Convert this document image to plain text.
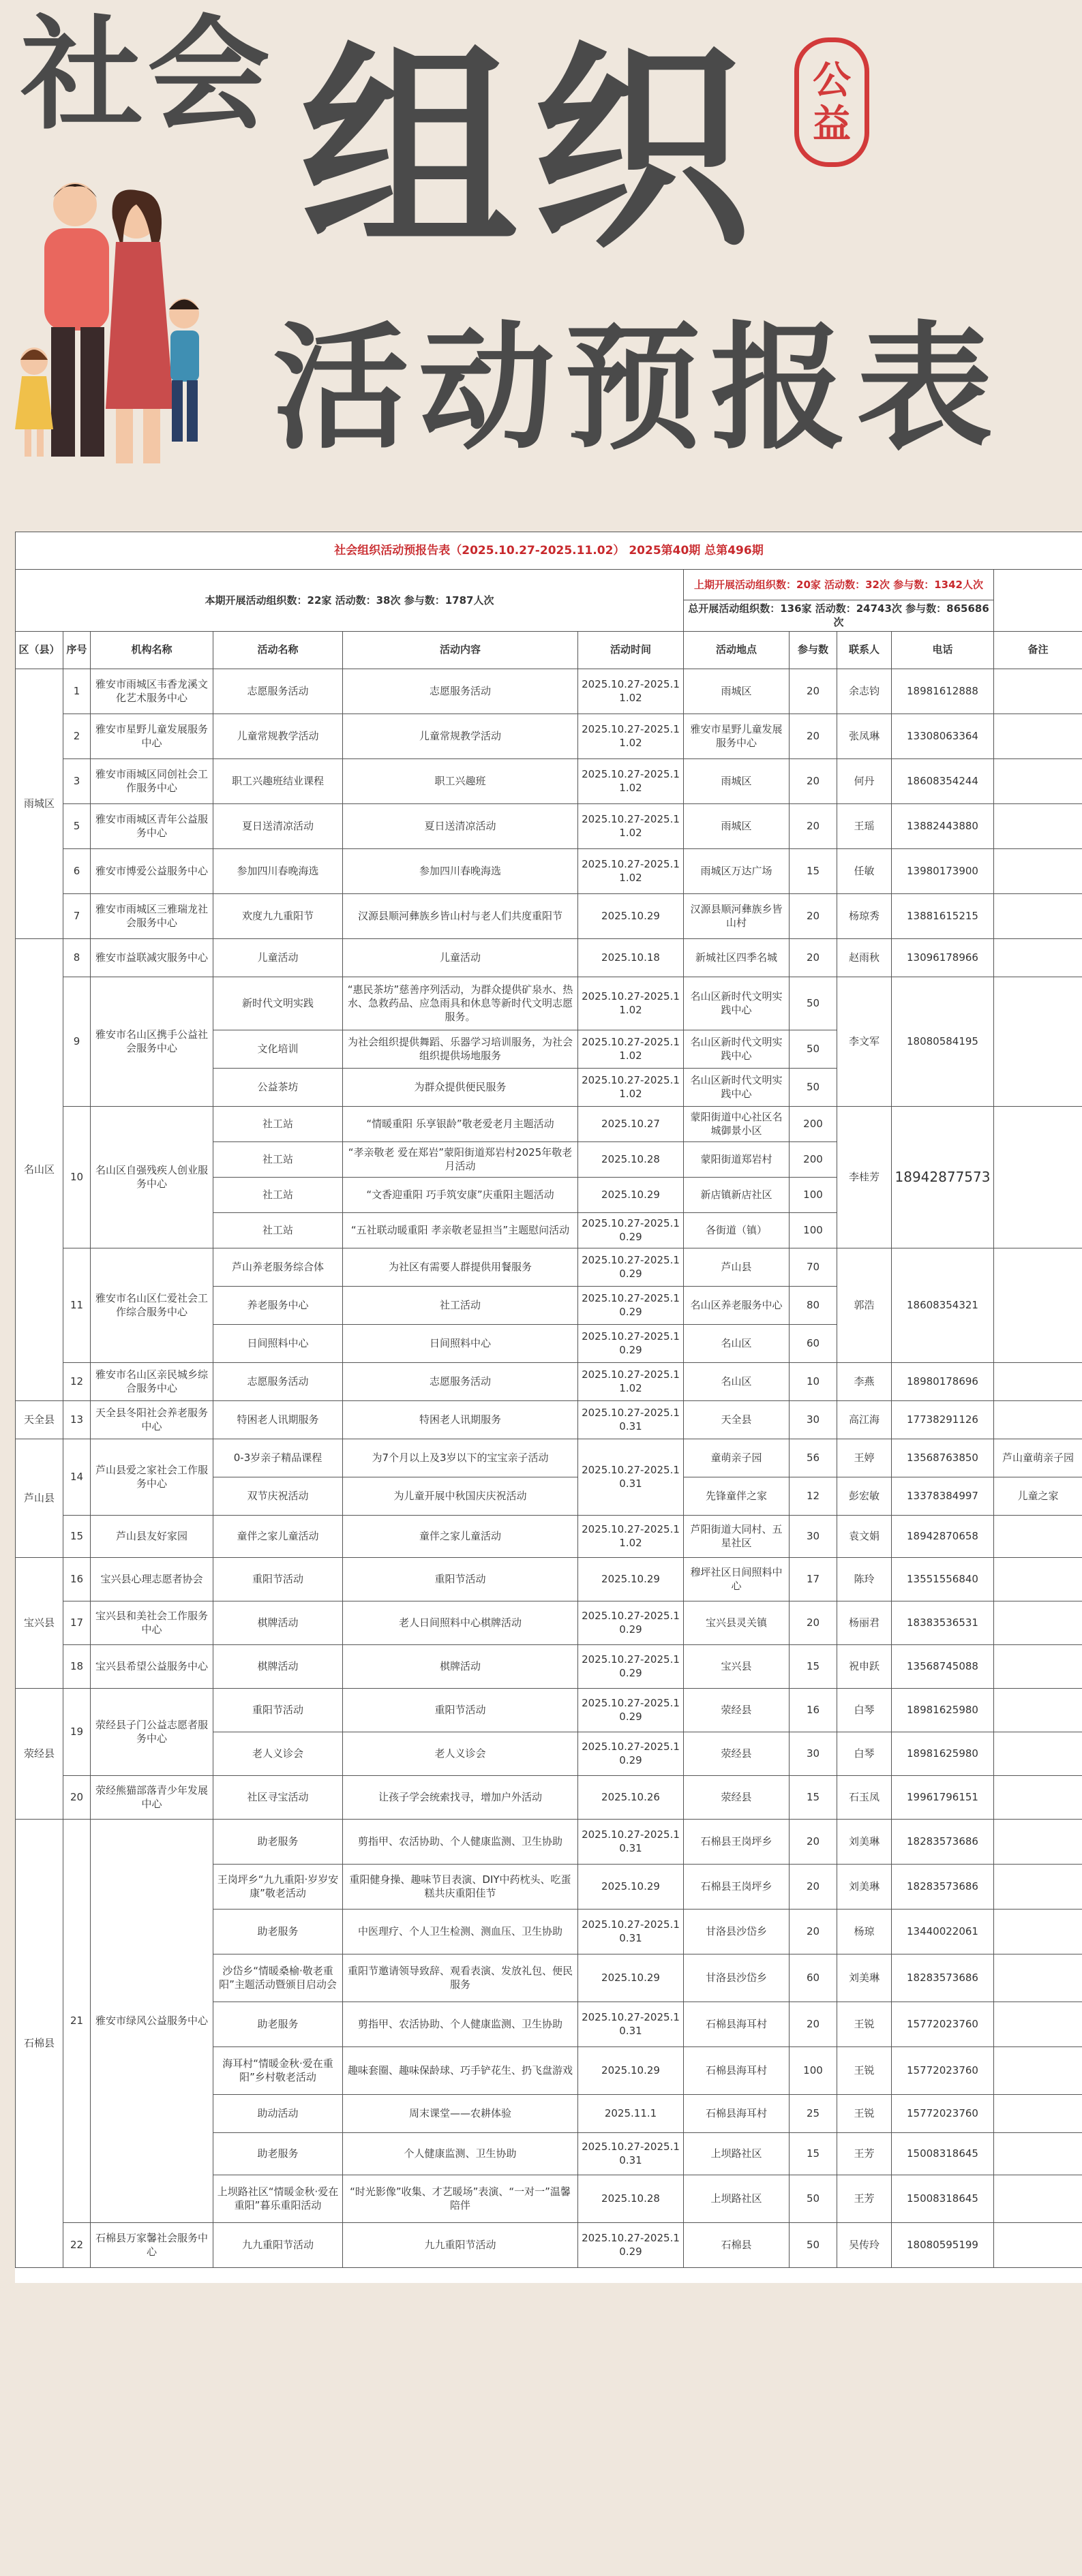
社会 组织
活动预报表
公
益
社会组织活动预报告表（2025.10.27-2025.11.02） 2025第40期 总第496期										
本期开展活动组织数：22家 活动数：38次 参与数：1787人次						上期开展活动组织数：20家 活动数：32次 参与数：1342人次				
						总开展活动组织数：136家 活动数：24743次 参与数：865686次				
区（县）	序号	机构名称	活动名称	活动内容	活动时间	活动地点	参与数	联系人	电话	备注
雨城区	1	雅安市雨城区韦香龙溪文化艺术服务中心	志愿服务活动	志愿服务活动	2025.10.27-2025.11.02	雨城区	20	余志钧	18981612888	
	2	雅安市星野儿童发展服务中心	儿童常规教学活动	儿童常规教学活动	2025.10.27-2025.11.02	雅安市星野儿童发展服务中心	20	张凤琳	13308063364	
	3	雅安市雨城区同创社会工作服务中心	职工兴趣班结业课程	职工兴趣班	2025.10.27-2025.11.02	雨城区	20	何丹	18608354244	
	5	雅安市雨城区青年公益服务中心	夏日送清凉活动	夏日送清凉活动	2025.10.27-2025.11.02	雨城区	20	王瑶	13882443880	
	6	雅安市博爱公益服务中心	参加四川春晚海选	参加四川春晚海选	2025.10.27-2025.11.02	雨城区万达广场	15	任敏	13980173900	
	7	雅安市雨城区三雅瑞龙社会服务中心	欢度九九重阳节	汉源县顺河彝族乡皆山村与老人们共度重阳节	2025.10.29	汉源县顺河彝族乡皆山村	20	杨琼秀	13881615215	
名山区	8	雅安市益联减灾服务中心	儿童活动	儿童活动	2025.10.18	新城社区四季名城	20	赵雨秋	13096178966	
	9	雅安市名山区携手公益社会服务中心	新时代文明实践	“惠民茶坊”慈善序列活动，为群众提供矿泉水、热水、急救药品、应急雨具和休息等新时代文明志愿服务。	2025.10.27-2025.11.02	名山区新时代文明实践中心	50	李文军	18080584195	
			文化培训	为社会组织提供舞蹈、乐器学习培训服务，为社会组织提供场地服务	2025.10.27-2025.11.02	名山区新时代文明实践中心	50			
			公益茶坊	为群众提供便民服务	2025.10.27-2025.11.02	名山区新时代文明实践中心	50			
	10	名山区自强残疾人创业服务中心	社工站	“情暖重阳 乐享银龄”敬老爱老月主题活动	2025.10.27	蒙阳街道中心社区名城御景小区	200	李桂芳	18942877573	
			社工站	“孝亲敬老 爱在郑岩”蒙阳街道郑岩村2025年敬老月活动	2025.10.28	蒙阳街道郑岩村	200			
			社工站	“文香迎重阳 巧手筑安康”庆重阳主题活动	2025.10.29	新店镇新店社区	100			
			社工站	“五社联动暖重阳 孝亲敬老显担当”主题慰问活动	2025.10.27-2025.10.29	各街道（镇）	100			
	11	雅安市名山区仁爱社会工作综合服务中心	芦山养老服务综合体	为社区有需要人群提供用餐服务	2025.10.27-2025.10.29	芦山县	70	郭浩	18608354321	
			养老服务中心	社工活动	2025.10.27-2025.10.29	名山区养老服务中心	80			
			日间照料中心	日间照料中心	2025.10.27-2025.10.29	名山区	60			
	12	雅安市名山区亲民城乡综合服务中心	志愿服务活动	志愿服务活动	2025.10.27-2025.11.02	名山区	10	李燕	18980178696	
天全县	13	天全县冬阳社会养老服务中心	特困老人讯期服务	特困老人讯期服务	2025.10.27-2025.10.31	天全县	30	高江海	17738291126	
芦山县	14	芦山县爱之家社会工作服务中心	0-3岁亲子精品课程	为7个月以上及3岁以下的宝宝亲子活动	2025.10.27-2025.10.31	童萌亲子园	56	王婷	13568763850	芦山童萌亲子园
			双节庆祝活动	为儿童开展中秋国庆庆祝活动		先锋童伴之家	12	彭宏敏	13378384997	儿童之家
	15	芦山县友好家园	童伴之家儿童活动	童伴之家儿童活动	2025.10.27-2025.11.02	芦阳街道大同村、五星社区	30	袁文娟	18942870658	
宝兴县	16	宝兴县心理志愿者协会	重阳节活动	重阳节活动	2025.10.29	穆坪社区日间照料中心	17	陈玲	13551556840	
	17	宝兴县和美社会工作服务中心	棋牌活动	老人日间照料中心棋牌活动	2025.10.27-2025.10.29	宝兴县灵关镇	20	杨丽君	18383536531	
	18	宝兴县希望公益服务中心	棋牌活动	棋牌活动	2025.10.27-2025.10.29	宝兴县	15	祝申跃	13568745088	
荥经县	19	荥经县子门公益志愿者服务中心	重阳节活动	重阳节活动	2025.10.27-2025.10.29	荥经县	16	白琴	18981625980	
			老人义诊会	老人义诊会	2025.10.27-2025.10.29	荥经县	30	白琴	18981625980	
	20	荥经熊猫部落青少年发展中心	社区寻宝活动	让孩子学会统索找寻，增加户外活动	2025.10.26	荥经县	15	石玉凤	19961796151	
石棉县	21	雅安市绿风公益服务中心	助老服务	剪指甲、农活协助、个人健康监测、卫生协助	2025.10.27-2025.10.31	石棉县王岗坪乡	20	刘美琳	18283573686	
			王岗坪乡“九九重阳·岁岁安康”敬老活动	重阳健身操、趣味节目表演、DIY中药枕头、吃蛋糕共庆重阳佳节	2025.10.29	石棉县王岗坪乡	20	刘美琳	18283573686	
			助老服务	中医理疗、个人卫生检测、测血压、卫生协助	2025.10.27-2025.10.31	甘洛县沙岱乡	20	杨琼	13440022061	
			沙岱乡“情暖桑榆·敬老重阳”主题活动暨颁目启动会	重阳节邀请领导致辞、观看表演、发放礼包、便民服务	2025.10.29	甘洛县沙岱乡	60	刘美琳	18283573686	
			助老服务	剪指甲、农活协助、个人健康监测、卫生协助	2025.10.27-2025.10.31	石棉县海耳村	20	王锐	15772023760	
			海耳村“情暖金秋·爱在重阳”乡村敬老活动	趣味套圈、趣味保龄球、巧手铲花生、扔飞盘游戏	2025.10.29	石棉县海耳村	100	王锐	15772023760	
			助动活动	周末课堂——农耕体验	2025.11.1	石棉县海耳村	25	王锐	15772023760	
			助老服务	个人健康监测、卫生协助	2025.10.27-2025.10.31	上坝路社区	15	王芳	15008318645	
			上坝路社区“情暖金秋·爱在重阳”暮乐重阳活动	“时光影像”收集、才艺暖场”表演、“一对一”温馨陪伴	2025.10.28	上坝路社区	50	王芳	15008318645	
	22	石棉县万家馨社会服务中心	九九重阳节活动	九九重阳节活动	2025.10.27-2025.10.29	石棉县	50	吴传玲	18080595199	
